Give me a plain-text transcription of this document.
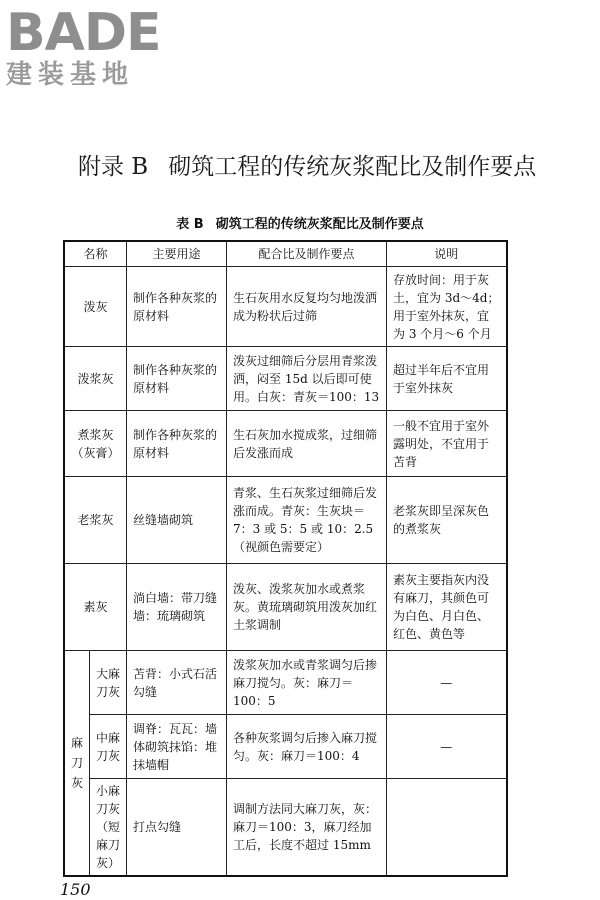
BADE
建装基地
附录 B 砌筑工程的传统灰浆配比及制作要点
表 B 砌筑工程的传统灰浆配比及制作要点
名称		主要用途	配合比及制作要点	说明
泼灰		制作各种灰浆的原材料	生石灰用水反复均匀地泼洒成为粉状后过筛	存放时间：用于灰土，宜为 3d～4d；用于室外抹灰，宜为 3 个月～6 个月
泼浆灰		制作各种灰浆的原材料	泼灰过细筛后分层用青浆泼洒，闷至 15d 以后即可使用。白灰：青灰＝100：13	超过半年后不宜用于室外抹灰
煮浆灰（灰膏）		制作各种灰浆的原材料	生石灰加水搅成浆，过细筛后发涨而成	一般不宜用于室外露明处，不宜用于苫背
老浆灰		丝缝墙砌筑	青浆、生石灰浆过细筛后发涨而成。青灰：生灰块＝7：3 或 5：5 或 10：2.5（视颜色需要定）	老浆灰即呈深灰色的煮浆灰
素灰		淌白墙：带刀缝墙：琉璃砌筑	泼灰、泼浆灰加水或煮浆灰。黄琉璃砌筑用泼灰加红土浆调制	素灰主要指灰内没有麻刀，其颜色可为白色、月白色、红色、黄色等
麻刀灰	大麻刀灰	苫背：小式石活勾缝	泼浆灰加水或青浆调匀后掺麻刀搅匀。灰：麻刀＝100：5	—
	中麻刀灰	调脊：瓦瓦：墙体砌筑抹馅：堆抹墙帽	各种灰浆调匀后掺入麻刀搅匀。灰：麻刀＝100：4	—
	小麻刀灰（短麻刀灰）	打点勾缝	调制方法同大麻刀灰，灰：麻刀＝100：3，麻刀经加工后，长度不超过 15mm	
150
